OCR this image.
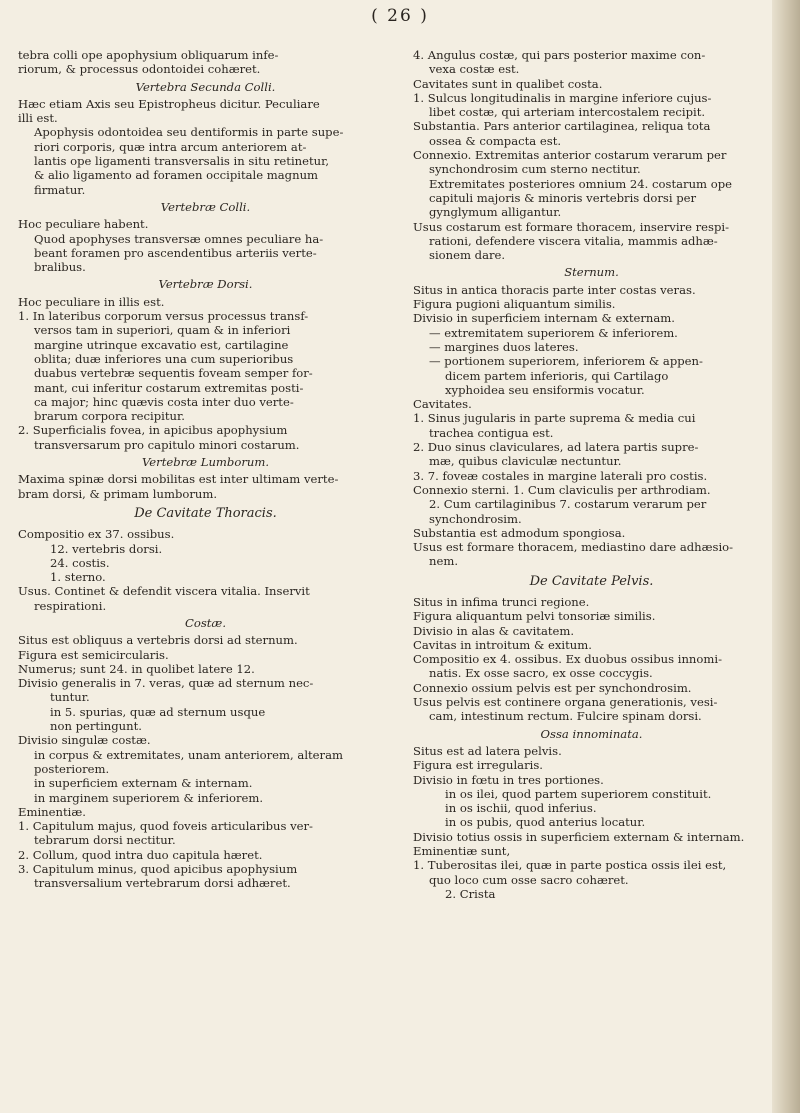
( 26 )

tebra colli ope apophysium obliquarum infe-

riorum, & processus odontoidei cohæret.

Vertebra Secunda Colli.

Hæc etiam Axis seu Epistropheus dicitur. Peculiare

illi est.

Apophysis odontoidea seu dentiformis in parte supe-

riori corporis, quæ intra arcum anteriorem at-

lantis ope ligamenti transversalis in situ retinetur,

& alio ligamento ad foramen occipitale magnum

firmatur.

Vertebræ Colli.

Hoc peculiare habent.

Quod apophyses transversæ omnes peculiare ha-

beant foramen pro ascendentibus arteriis verte-

bralibus.

Vertebræ Dorsi.

Hoc peculiare in illis est.

1. In lateribus corporum versus processus transf-

versos tam in superiori, quam & in inferiori

margine utrinque excavatio est, cartilagine

oblita; duæ inferiores una cum superioribus

duabus vertebræ sequentis foveam semper for-

mant, cui inferitur costarum extremitas posti-

ca major; hinc quævis costa inter duo verte-

brarum corpora recipitur.

2. Superficialis fovea, in apicibus apophysium

transversarum pro capitulo minori costarum.

Vertebræ Lumborum.

Maxima spinæ dorsi mobilitas est inter ultimam verte-

bram dorsi, & primam lumborum.

De Cavitate Thoracis.

Compositio ex 37. ossibus.

12. vertebris dorsi.

24. costis.

1. sterno.

Usus. Continet & defendit viscera vitalia. Inservit

respirationi.

Costæ.

Situs est obliquus a vertebris dorsi ad sternum.

Figura est semicircularis.

Numerus; sunt 24. in quolibet latere 12.

Divisio generalis in 7. veras, quæ ad sternum nec-

tuntur.

in 5. spurias, quæ ad sternum usque

non pertingunt.

Divisio singulæ costæ.

in corpus & extremitates, unam anteriorem, alteram

posteriorem.

in superficiem externam & internam.

in marginem superiorem & inferiorem.

Eminentiæ.

1. Capitulum majus, quod foveis articularibus ver-

tebrarum dorsi nectitur.

2. Collum, quod intra duo capitula hæret.

3. Capitulum minus, quod apicibus apophysium

transversalium vertebrarum dorsi adhæret.

4. Angulus costæ, qui pars posterior maxime con-

vexa costæ est.

Cavitates sunt in qualibet costa.

1. Sulcus longitudinalis in margine inferiore cujus-

libet costæ, qui arteriam intercostalem recipit.

Substantia. Pars anterior cartilaginea, reliqua tota

ossea & compacta est.

Connexio. Extremitas anterior costarum verarum per

synchondrosim cum sterno nectitur.

Extremitates posteriores omnium 24. costarum ope

capituli majoris & minoris vertebris dorsi per

gynglymum alligantur.

Usus costarum est formare thoracem, inservire respi-

rationi, defendere viscera vitalia, mammis adhæ-

sionem dare.

Sternum.

Situs in antica thoracis parte inter costas veras.

Figura pugioni aliquantum similis.

Divisio in superficiem internam & externam.

— extremitatem superiorem & inferiorem.

— margines duos lateres.

— portionem superiorem, inferiorem & appen-

dicem partem inferioris, qui Cartilago

xyphoidea seu ensiformis vocatur.

Cavitates.

1. Sinus jugularis in parte suprema & media cui

trachea contigua est.

2. Duo sinus claviculares, ad latera partis supre-

mæ, quibus claviculæ nectuntur.

3. 7. foveæ costales in margine laterali pro costis.

Connexio sterni. 1. Cum claviculis per arthrodiam.

2. Cum cartilaginibus 7. costarum verarum per

synchondrosim.

Substantia est admodum spongiosa.

Usus est formare thoracem, mediastino dare adhæsio-

nem.

De Cavitate Pelvis.

Situs in infima trunci regione.

Figura aliquantum pelvi tonsoriæ similis.

Divisio in alas & cavitatem.

Cavitas in introitum & exitum.

Compositio ex 4. ossibus. Ex duobus ossibus innomi-

natis. Ex osse sacro, ex osse coccygis.

Connexio ossium pelvis est per synchondrosim.

Usus pelvis est continere organa generationis, vesi-

cam, intestinum rectum. Fulcire spinam dorsi.

Ossa innominata.

Situs est ad latera pelvis.

Figura est irregularis.

Divisio in fœtu in tres portiones.

in os ilei, quod partem superiorem constituit.

in os ischii, quod inferius.

in os pubis, quod anterius locatur.

Divisio totius ossis in superficiem externam & internam.

Eminentiæ sunt,

1. Tuberositas ilei, quæ in parte postica ossis ilei est,

quo loco cum osse sacro cohæret.

2. Crista
